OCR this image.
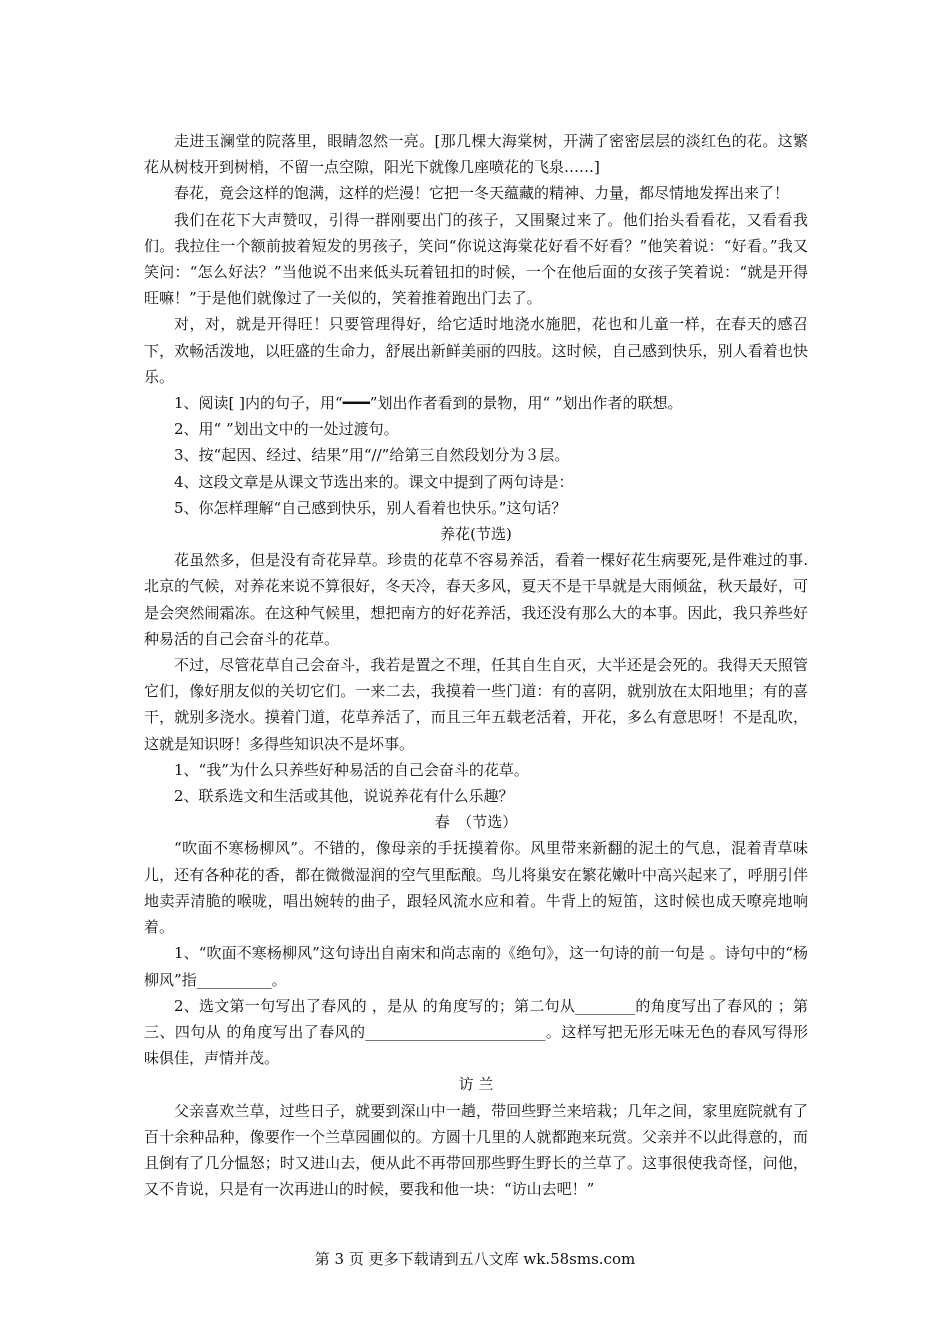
走进玉澜堂的院落里，眼睛忽然一亮。[那几棵大海棠树，开满了密密层层的淡红色的花。这繁花从树枝开到树梢，不留一点空隙，阳光下就像几座喷花的飞泉……]

春花，竟会这样的饱满，这样的烂漫！它把一冬天蕴藏的精神、力量，都尽情地发挥出来了！

我们在花下大声赞叹，引得一群刚要出门的孩子，又围聚过来了。他们抬头看看花，又看看我们。我拉住一个额前披着短发的男孩子，笑问“你说这海棠花好看不好看？”他笑着说：“好看。”我又笑问：“怎么好法？”当他说不出来低头玩着钮扣的时候，一个在他后面的女孩子笑着说：“就是开得旺嘛！”于是他们就像过了一关似的，笑着推着跑出门去了。

对，对，就是开得旺！只要管理得好，给它适时地浇水施肥，花也和儿童一样，在春天的感召下，欢畅活泼地，以旺盛的生命力，舒展出新鲜美丽的四肢。这时候，自己感到快乐，别人看着也快乐。

1、阅读[ ]内的句子，用“━━━”划出作者看到的景物，用“ ”划出作者的联想。

2、用“ ”划出文中的一处过渡句。

3、按“起因、经过、结果”用“//”给第三自然段划分为３层。

4、这段文章是从课文节选出来的。课文中提到了两句诗是：

5、你怎样理解“自己感到快乐，别人看着也快乐。”这句话？

养花(节选)

花虽然多，但是没有奇花异草。珍贵的花草不容易养活，看着一棵好花生病要死,是件难过的事.北京的气候，对养花来说不算很好，冬天冷，春天多风，夏天不是干旱就是大雨倾盆，秋天最好，可是会突然闹霜冻。在这种气候里，想把南方的好花养活，我还没有那么大的本事。因此，我只养些好种易活的自己会奋斗的花草。

不过，尽管花草自己会奋斗，我若是置之不理，任其自生自灭，大半还是会死的。我得天天照管它们，像好朋友似的关切它们。一来二去，我摸着一些门道：有的喜阴，就别放在太阳地里；有的喜干，就别多浇水。摸着门道，花草养活了，而且三年五载老活着，开花，多么有意思呀！不是乱吹，这就是知识呀！多得些知识决不是坏事。

1、“我”为什么只养些好种易活的自己会奋斗的花草。

2、联系选文和生活或其他，说说养花有什么乐趣？

春　（节选）

“吹面不寒杨柳风”。不错的，像母亲的手抚摸着你。风里带来新翻的泥土的气息，混着青草味儿，还有各种花的香，都在微微湿润的空气里酝酿。鸟儿将巢安在繁花嫩叶中高兴起来了，呼朋引伴地卖弄清脆的喉咙，唱出婉转的曲子，跟轻风流水应和着。牛背上的短笛，这时候也成天嘹亮地响着。

1、“吹面不寒杨柳风”这句诗出自南宋和尚志南的《绝句》，这一句诗的前一句是 。诗句中的“杨柳风”指__________。

2、选文第一句写出了春风的 ，是从 的角度写的；第二句从________的角度写出了春风的 ；第三、四句从 的角度写出了春风的________________________。这样写把无形无味无色的春风写得形味俱佳，声情并茂。

访 兰

父亲喜欢兰草，过些日子，就要到深山中一趟，带回些野兰来培栽；几年之间，家里庭院就有了百十余种品种，像要作一个兰草园圃似的。方圆十几里的人就都跑来玩赏。父亲并不以此得意的，而且倒有了几分愠怒；时又进山去，便从此不再带回那些野生野长的兰草了。这事很使我奇怪，问他，又不肯说，只是有一次再进山的时候，要我和他一块：“访山去吧！”

第 3 页 更多下载请到五八文库 wk.58sms.com
